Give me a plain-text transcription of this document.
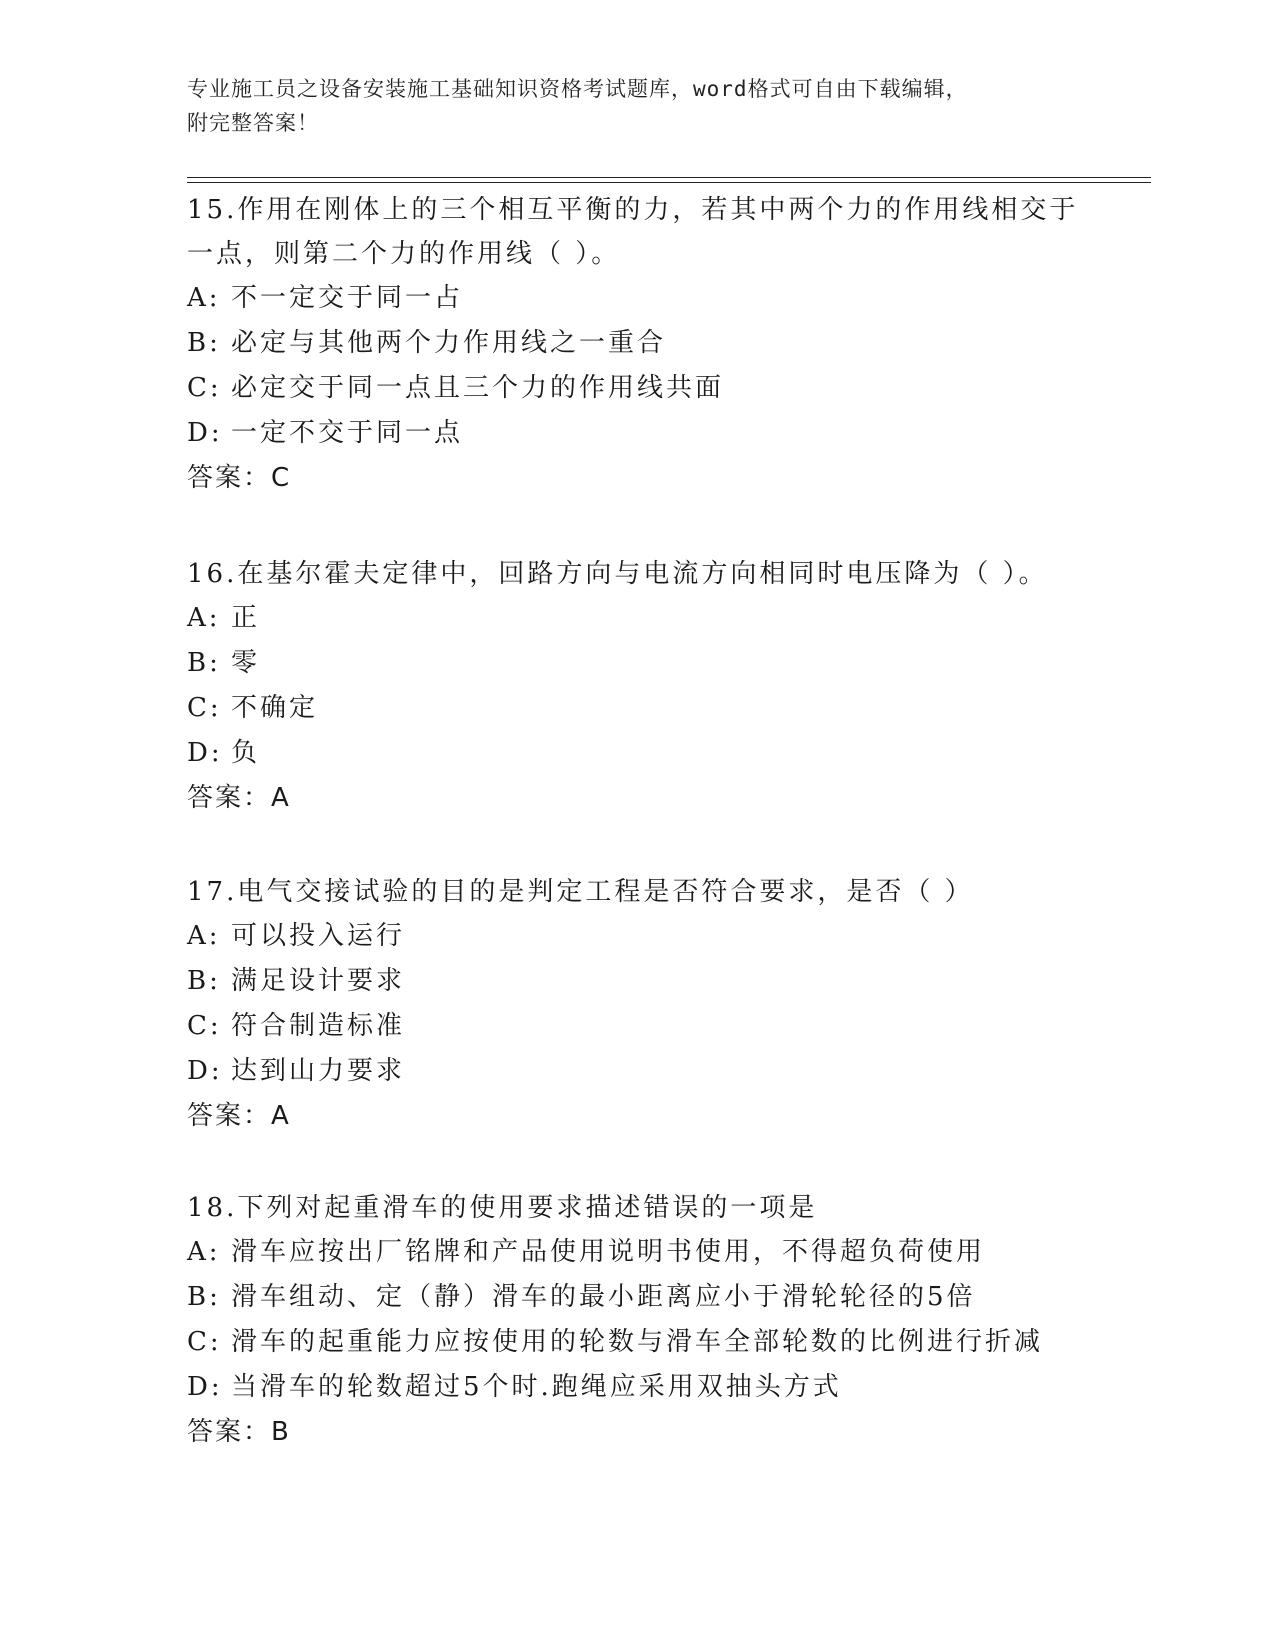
专业施工员之设备安装施工基础知识资格考试题库，word格式可自由下载编辑，
附完整答案！
15.作用在刚体上的三个相互平衡的力，若其中两个力的作用线相交于
一点，则第二个力的作用线（ ）。
A: 不一定交于同一占
B: 必定与其他两个力作用线之一重合
C: 必定交于同一点且三个力的作用线共面
D: 一定不交于同一点
答案：C
16.在基尔霍夫定律中，回路方向与电流方向相同时电压降为（ ）。
A: 正
B: 零
C: 不确定
D: 负
答案：A
17.电气交接试验的目的是判定工程是否符合要求，是否（ ）
A: 可以投入运行
B: 满足设计要求
C: 符合制造标准
D: 达到山力要求
答案：A
18.下列对起重滑车的使用要求描述错误的一项是
A: 滑车应按出厂铭牌和产品使用说明书使用，不得超负荷使用
B: 滑车组动、定（静）滑车的最小距离应小于滑轮轮径的5倍
C: 滑车的起重能力应按使用的轮数与滑车全部轮数的比例进行折减
D: 当滑车的轮数超过5个时.跑绳应采用双抽头方式
答案：B
